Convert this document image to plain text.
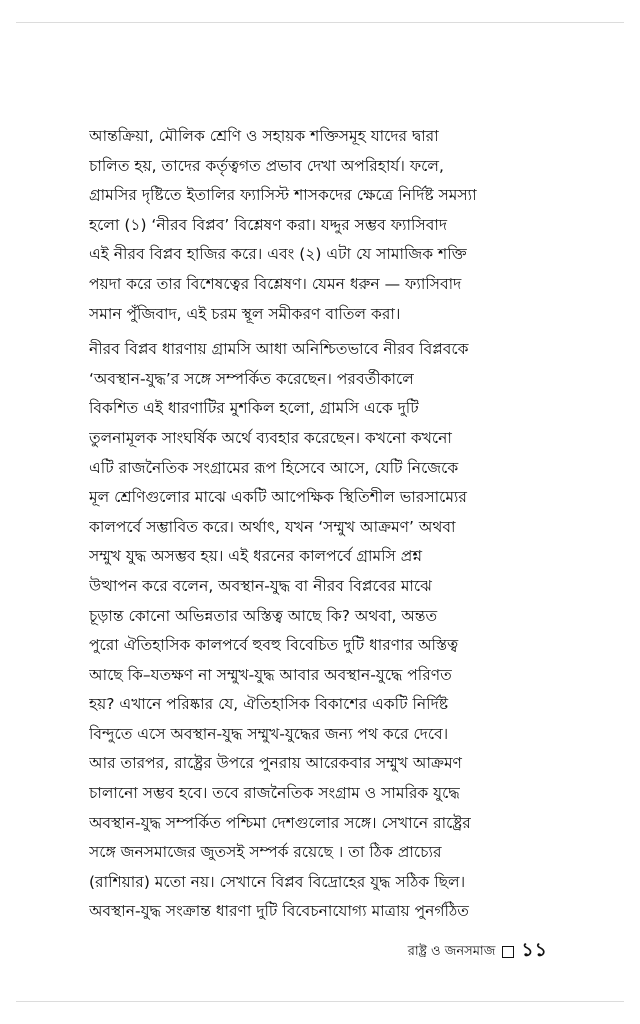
আন্তক্রিয়া, মৌলিক শ্রেণি ও সহায়ক শক্তিসমূহ যাদের দ্বারা
চালিত হয়, তাদের কর্তৃত্বগত প্রভাব দেখা অপরিহার্য। ফলে,
গ্রামসির দৃষ্টিতে ইতালির ফ্যাসিস্ট শাসকদের ক্ষেত্রে নির্দিষ্ট সমস্যা
হলো (১) ‘নীরব বিপ্লব’ বিশ্লেষণ করা। যদ্দুর সম্ভব ফ্যাসিবাদ
এই নীরব বিপ্লব হাজির করে। এবং (২) এটা যে সামাজিক শক্তি
পয়দা করে তার বিশেষত্বের বিশ্লেষণ। যেমন ধরুন — ফ্যাসিবাদ
সমান পুঁজিবাদ, এই চরম স্থূল সমীকরণ বাতিল করা।
নীরব বিপ্লব ধারণায় গ্রামসি আধা অনিশ্চিতভাবে নীরব বিপ্লবকে
‘অবস্থান-যুদ্ধ’র সঙ্গে সম্পর্কিত করেছেন। পরবর্তীকালে
বিকশিত এই ধারণাটির মুশকিল হলো, গ্রামসি একে দুটি
তুলনামূলক সাংঘর্ষিক অর্থে ব্যবহার করেছেন। কখনো কখনো
এটি রাজনৈতিক সংগ্রামের রূপ হিসেবে আসে, যেটি নিজেকে
মূল শ্রেণিগুলোর মাঝে একটি আপেক্ষিক স্থিতিশীল ভারসাম্যের
কালপর্বে সম্ভাবিত করে। অর্থাৎ, যখন ‘সম্মুখ আক্রমণ’ অথবা
সম্মুখ যুদ্ধ অসম্ভব হয়। এই ধরনের কালপর্বে গ্রামসি প্রশ্ন
উত্থাপন করে বলেন, অবস্থান-যুদ্ধ বা নীরব বিপ্লবের মাঝে
চূড়ান্ত কোনো অভিন্নতার অস্তিত্ব আছে কি? অথবা, অন্তত
পুরো ঐতিহাসিক কালপর্বে হুবহু বিবেচিত দুটি ধারণার অস্তিত্ব
আছে কি–যতক্ষণ না সম্মুখ-যুদ্ধ আবার অবস্থান-যুদ্ধে পরিণত
হয়? এখানে পরিষ্কার যে, ঐতিহাসিক বিকাশের একটি নির্দিষ্ট
বিন্দুতে এসে অবস্থান-যুদ্ধ সম্মুখ-যুদ্ধের জন্য পথ করে দেবে।
আর তারপর, রাষ্ট্রের উপরে পুনরায় আরেকবার সম্মুখ আক্রমণ
চালানো সম্ভব হবে। তবে রাজনৈতিক সংগ্রাম ও সামরিক যুদ্ধে
অবস্থান-যুদ্ধ সম্পর্কিত পশ্চিমা দেশগুলোর সঙ্গে। সেখানে রাষ্ট্রের
সঙ্গে জনসমাজের জুতসই সম্পর্ক রয়েছে । তা ঠিক প্রাচ্যের
(রাশিয়ার) মতো নয়। সেখানে বিপ্লব বিদ্রোহের যুদ্ধ সঠিক ছিল।
অবস্থান-যুদ্ধ সংক্রান্ত ধারণা দুটি বিবেচনাযোগ্য মাত্রায় পুনর্গঠিত
রাষ্ট্র ও জনসমাজ ১১
